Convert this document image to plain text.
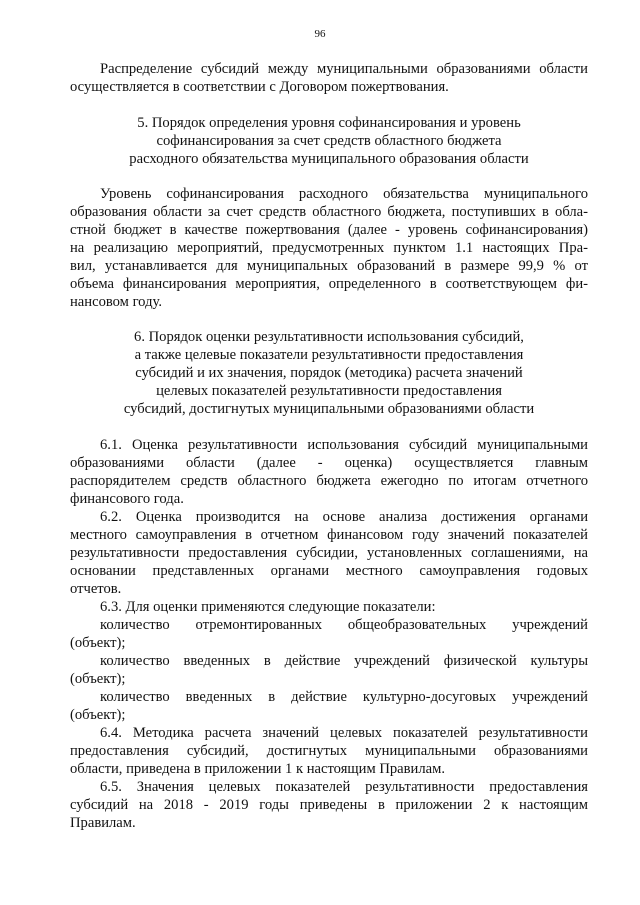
96
Распределение субсидий между муниципальными образованиями области
осуществляется в соответствии с Договором пожертвования.
5. Порядок определения уровня софинансирования и уровень
софинансирования за счет средств областного бюджета
расходного обязательства муниципального образования области
Уровень софинансирования расходного обязательства муниципального
образования области за счет средств областного бюджета, поступивших в обла-
стной бюджет в качестве пожертвования (далее - уровень софинансирования)
на реализацию мероприятий, предусмотренных пунктом 1.1 настоящих Пра-
вил, устанавливается для муниципальных образований в размере 99,9 % от
объема финансирования мероприятия, определенного в соответствующем фи-
нансовом году.
6. Порядок оценки результативности использования субсидий,
а также целевые показатели результативности предоставления
субсидий и их значения, порядок (методика) расчета значений
целевых показателей результативности предоставления
субсидий, достигнутых муниципальными образованиями области
6.1. Оценка результативности использования субсидий муниципальными
образованиями области (далее - оценка) осуществляется главным
распорядителем средств областного бюджета ежегодно по итогам отчетного
финансового года.
6.2. Оценка производится на основе анализа достижения органами
местного самоуправления в отчетном финансовом году значений показателей
результативности предоставления субсидии, установленных соглашениями, на
основании представленных органами местного самоуправления годовых
отчетов.
6.3. Для оценки применяются следующие показатели:
количество отремонтированных общеобразовательных учреждений
(объект);
количество введенных в действие учреждений физической культуры
(объект);
количество введенных в действие культурно-досуговых учреждений
(объект);
6.4. Методика расчета значений целевых показателей результативности
предоставления субсидий, достигнутых муниципальными образованиями
области, приведена в приложении 1 к настоящим Правилам.
6.5. Значения целевых показателей результативности предоставления
субсидий на 2018 - 2019 годы приведены в приложении 2 к настоящим
Правилам.
